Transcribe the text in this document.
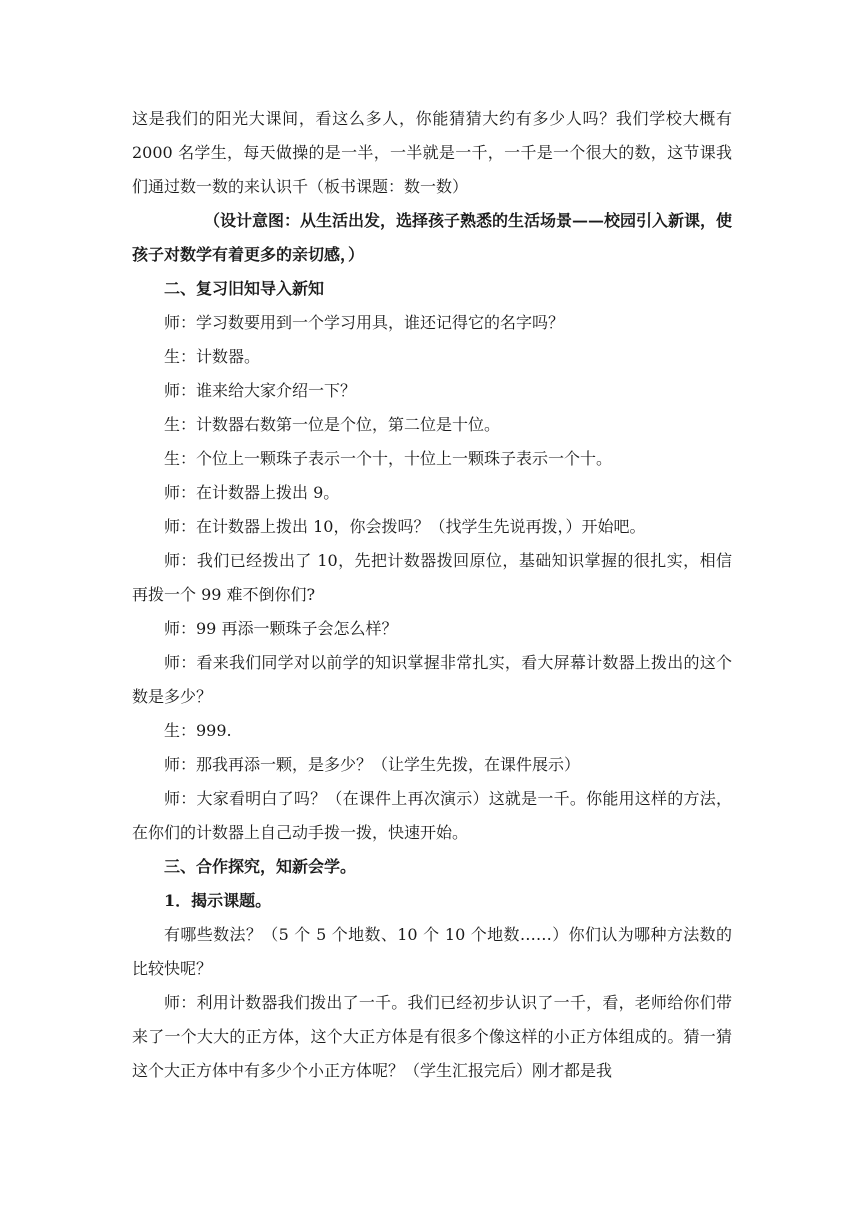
这是我们的阳光大课间，看这么多人，你能猜猜大约有多少人吗？我们学校大概有 2000 名学生，每天做操的是一半，一半就是一千，一千是一个很大的数，这节课我们通过数一数的来认识千（板书课题：数一数）

（设计意图：从生活出发，选择孩子熟悉的生活场景——校园引入新课，使孩子对数学有着更多的亲切感，）

二、复习旧知导入新知

师：学习数要用到一个学习用具，谁还记得它的名字吗？

生：计数器。

师：谁来给大家介绍一下？

生：计数器右数第一位是个位，第二位是十位。

生：个位上一颗珠子表示一个十，十位上一颗珠子表示一个十。

师：在计数器上拨出 9。

师：在计数器上拨出 10，你会拨吗？（找学生先说再拨，）开始吧。

师：我们已经拨出了 10，先把计数器拨回原位，基础知识掌握的很扎实，相信再拨一个 99 难不倒你们?

师：99 再添一颗珠子会怎么样？

师：看来我们同学对以前学的知识掌握非常扎实，看大屏幕计数器上拨出的这个数是多少？

生：999.

师：那我再添一颗，是多少？（让学生先拨，在课件展示）

师：大家看明白了吗？（在课件上再次演示）这就是一千。你能用这样的方法，在你们的计数器上自己动手拨一拨，快速开始。

三、合作探究，知新会学。

1．揭示课题。

有哪些数法？（5 个 5 个地数、10 个 10 个地数……）你们认为哪种方法数的比较快呢？

师：利用计数器我们拨出了一千。我们已经初步认识了一千，看，老师给你们带来了一个大大的正方体，这个大正方体是有很多个像这样的小正方体组成的。猜一猜这个大正方体中有多少个小正方体呢？（学生汇报完后）刚才都是我
